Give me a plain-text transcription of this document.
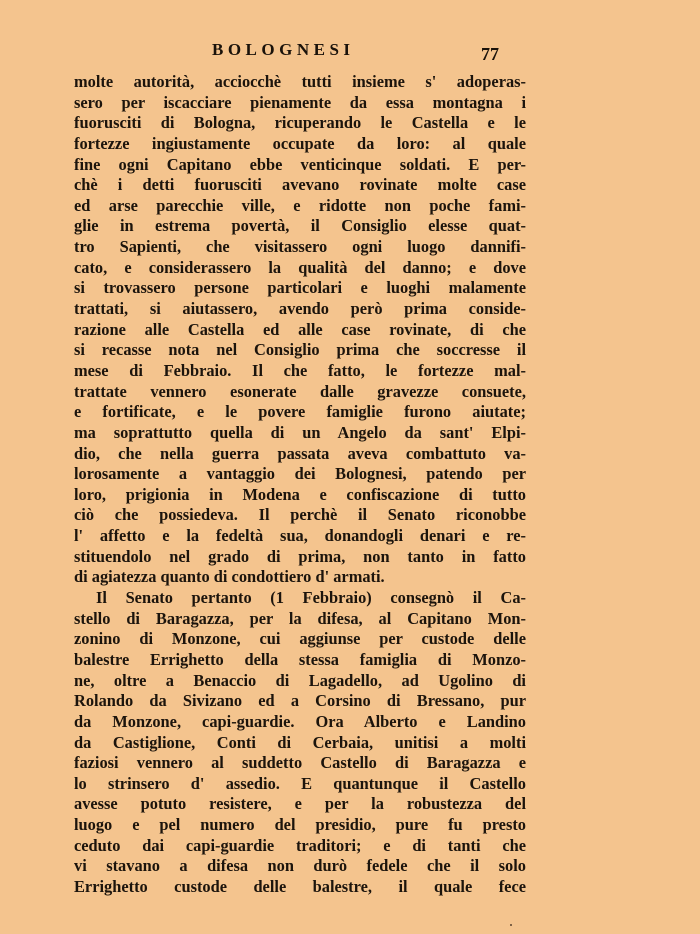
BOLOGNESI	77
molte autorità, acciocchè tutti insieme s' adoperas-
sero per iscacciare pienamente da essa montagna i
fuorusciti di Bologna, ricuperando le Castella e le
fortezze ingiustamente occupate da loro: al quale
fine ogni Capitano ebbe venticinque soldati. E per-
chè i detti fuorusciti avevano rovinate molte case
ed arse parecchie ville, e ridotte non poche fami-
glie in estrema povertà, il Consiglio elesse quat-
tro Sapienti, che visitassero ogni luogo dannifi-
cato, e considerassero la qualità del danno; e dove
si trovassero persone particolari e luoghi malamente
trattati, si aiutassero, avendo però prima conside-
razione alle Castella ed alle case rovinate, di che
si recasse nota nel Consiglio prima che soccresse il
mese di Febbraio. Il che fatto, le fortezze mal-
trattate vennero esonerate dalle gravezze consuete,
e fortificate, e le povere famiglie furono aiutate;
ma soprattutto quella di un Angelo da sant' Elpi-
dio, che nella guerra passata aveva combattuto va-
lorosamente a vantaggio dei Bolognesi, patendo per
loro, prigionia in Modena e confiscazione di tutto
ciò che possiedeva. Il perchè il Senato riconobbe
l' affetto e la fedeltà sua, donandogli denari e re-
stituendolo nel grado di prima, non tanto in fatto
di agiatezza quanto di condottiero d' armati.
Il Senato pertanto (1 Febbraio) consegnò il Ca-
stello di Baragazza, per la difesa, al Capitano Mon-
zonino di Monzone, cui aggiunse per custode delle
balestre Errighetto della stessa famiglia di Monzo-
ne, oltre a Benaccio di Lagadello, ad Ugolino di
Rolando da Sivizano ed a Corsino di Bressano, pur
da Monzone, capi-guardie. Ora Alberto e Landino
da Castiglione, Conti di Cerbaia, unitisi a molti
faziosi vennero al suddetto Castello di Baragazza e
lo strinsero d' assedio. E quantunque il Castello
avesse potuto resistere, e per la robustezza del
luogo e pel numero del presidio, pure fu presto
ceduto dai capi-guardie traditori; e di tanti che
vi stavano a difesa non durò fedele che il solo
Errighetto custode delle balestre, il quale fece
